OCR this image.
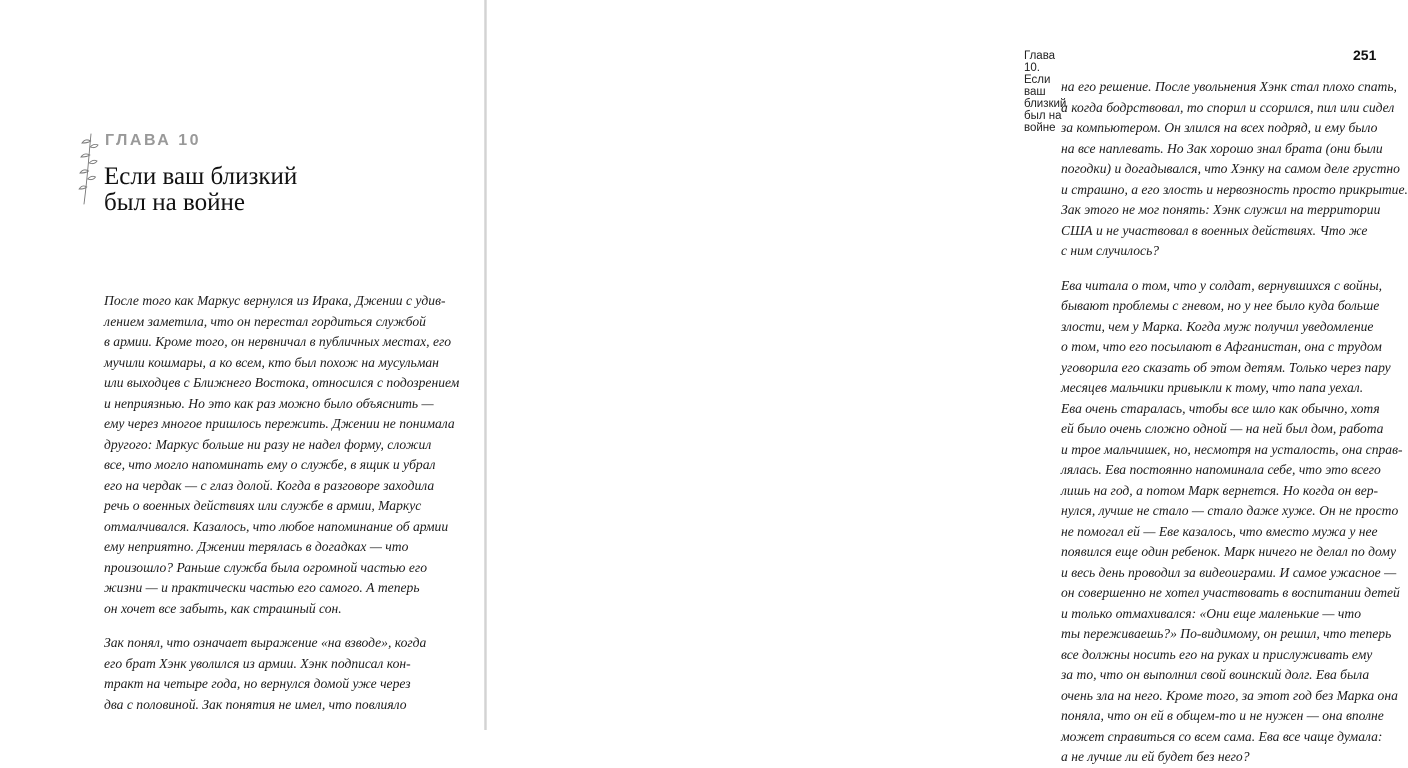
ГЛАВА 10
Если ваш близкий
был на войне
После того как Маркус вернулся из Ирака, Джении с удив-
лением заметила, что он перестал гордиться службой
в армии. Кроме того, он нервничал в публичных местах, его
мучили кошмары, а ко всем, кто был похож на мусульман
или выходцев с Ближнего Востока, относился с подозрением
и неприязнью. Но это как раз можно было объяснить —
ему через многое пришлось пережить. Джении не понимала
другого: Маркус больше ни разу не надел форму, сложил
все, что могло напоминать ему о службе, в ящик и убрал
его на чердак — с глаз долой. Когда в разговоре заходила
речь о военных действиях или службе в армии, Маркус
отмалчивался. Казалось, что любое напоминание об армии
ему неприятно. Джении терялась в догадках — что
произошло? Раньше служба была огромной частью его
жизни — и практически частью его самого. А теперь
он хочет все забыть, как страшный сон.
Зак понял, что означает выражение «на взводе», когда
его брат Хэнк уволился из армии. Хэнк подписал кон-
тракт на четыре года, но вернулся домой уже через
два с половиной. Зак понятия не имел, что повлияло
Глава 10. Если ваш близкий был на войне
251
на его решение. После увольнения Хэнк стал плохо спать,
а когда бодрствовал, то спорил и ссорился, пил или сидел
за компьютером. Он злился на всех подряд, и ему было
на все наплевать. Но Зак хорошо знал брата (они были
погодки) и догадывался, что Хэнку на самом деле грустно
и страшно, а его злость и нервозность просто прикрытие.
Зак этого не мог понять: Хэнк служил на территории
США и не участвовал в военных действиях. Что же
с ним случилось?
Ева читала о том, что у солдат, вернувшихся с войны,
бывают проблемы с гневом, но у нее было куда больше
злости, чем у Марка. Когда муж получил уведомление
о том, что его посылают в Афганистан, она с трудом
уговорила его сказать об этом детям. Только через пару
месяцев мальчики привыкли к тому, что папа уехал.
Ева очень старалась, чтобы все шло как обычно, хотя
ей было очень сложно одной — на ней был дом, работа
и трое мальчишек, но, несмотря на усталость, она справ-
лялась. Ева постоянно напоминала себе, что это всего
лишь на год, а потом Марк вернется. Но когда он вер-
нулся, лучше не стало — стало даже хуже. Он не просто
не помогал ей — Еве казалось, что вместо мужа у нее
появился еще один ребенок. Марк ничего не делал по дому
и весь день проводил за видеоиграми. И самое ужасное —
он совершенно не хотел участвовать в воспитании детей
и только отмахивался: «Они еще маленькие — что
ты переживаешь?» По-видимому, он решил, что теперь
все должны носить его на руках и прислуживать ему
за то, что он выполнил свой воинский долг. Ева была
очень зла на него. Кроме того, за этот год без Марка она
поняла, что он ей в общем-то и не нужен — она вполне
может справиться со всем сама. Ева все чаще думала:
а не лучше ли ей будет без него?
